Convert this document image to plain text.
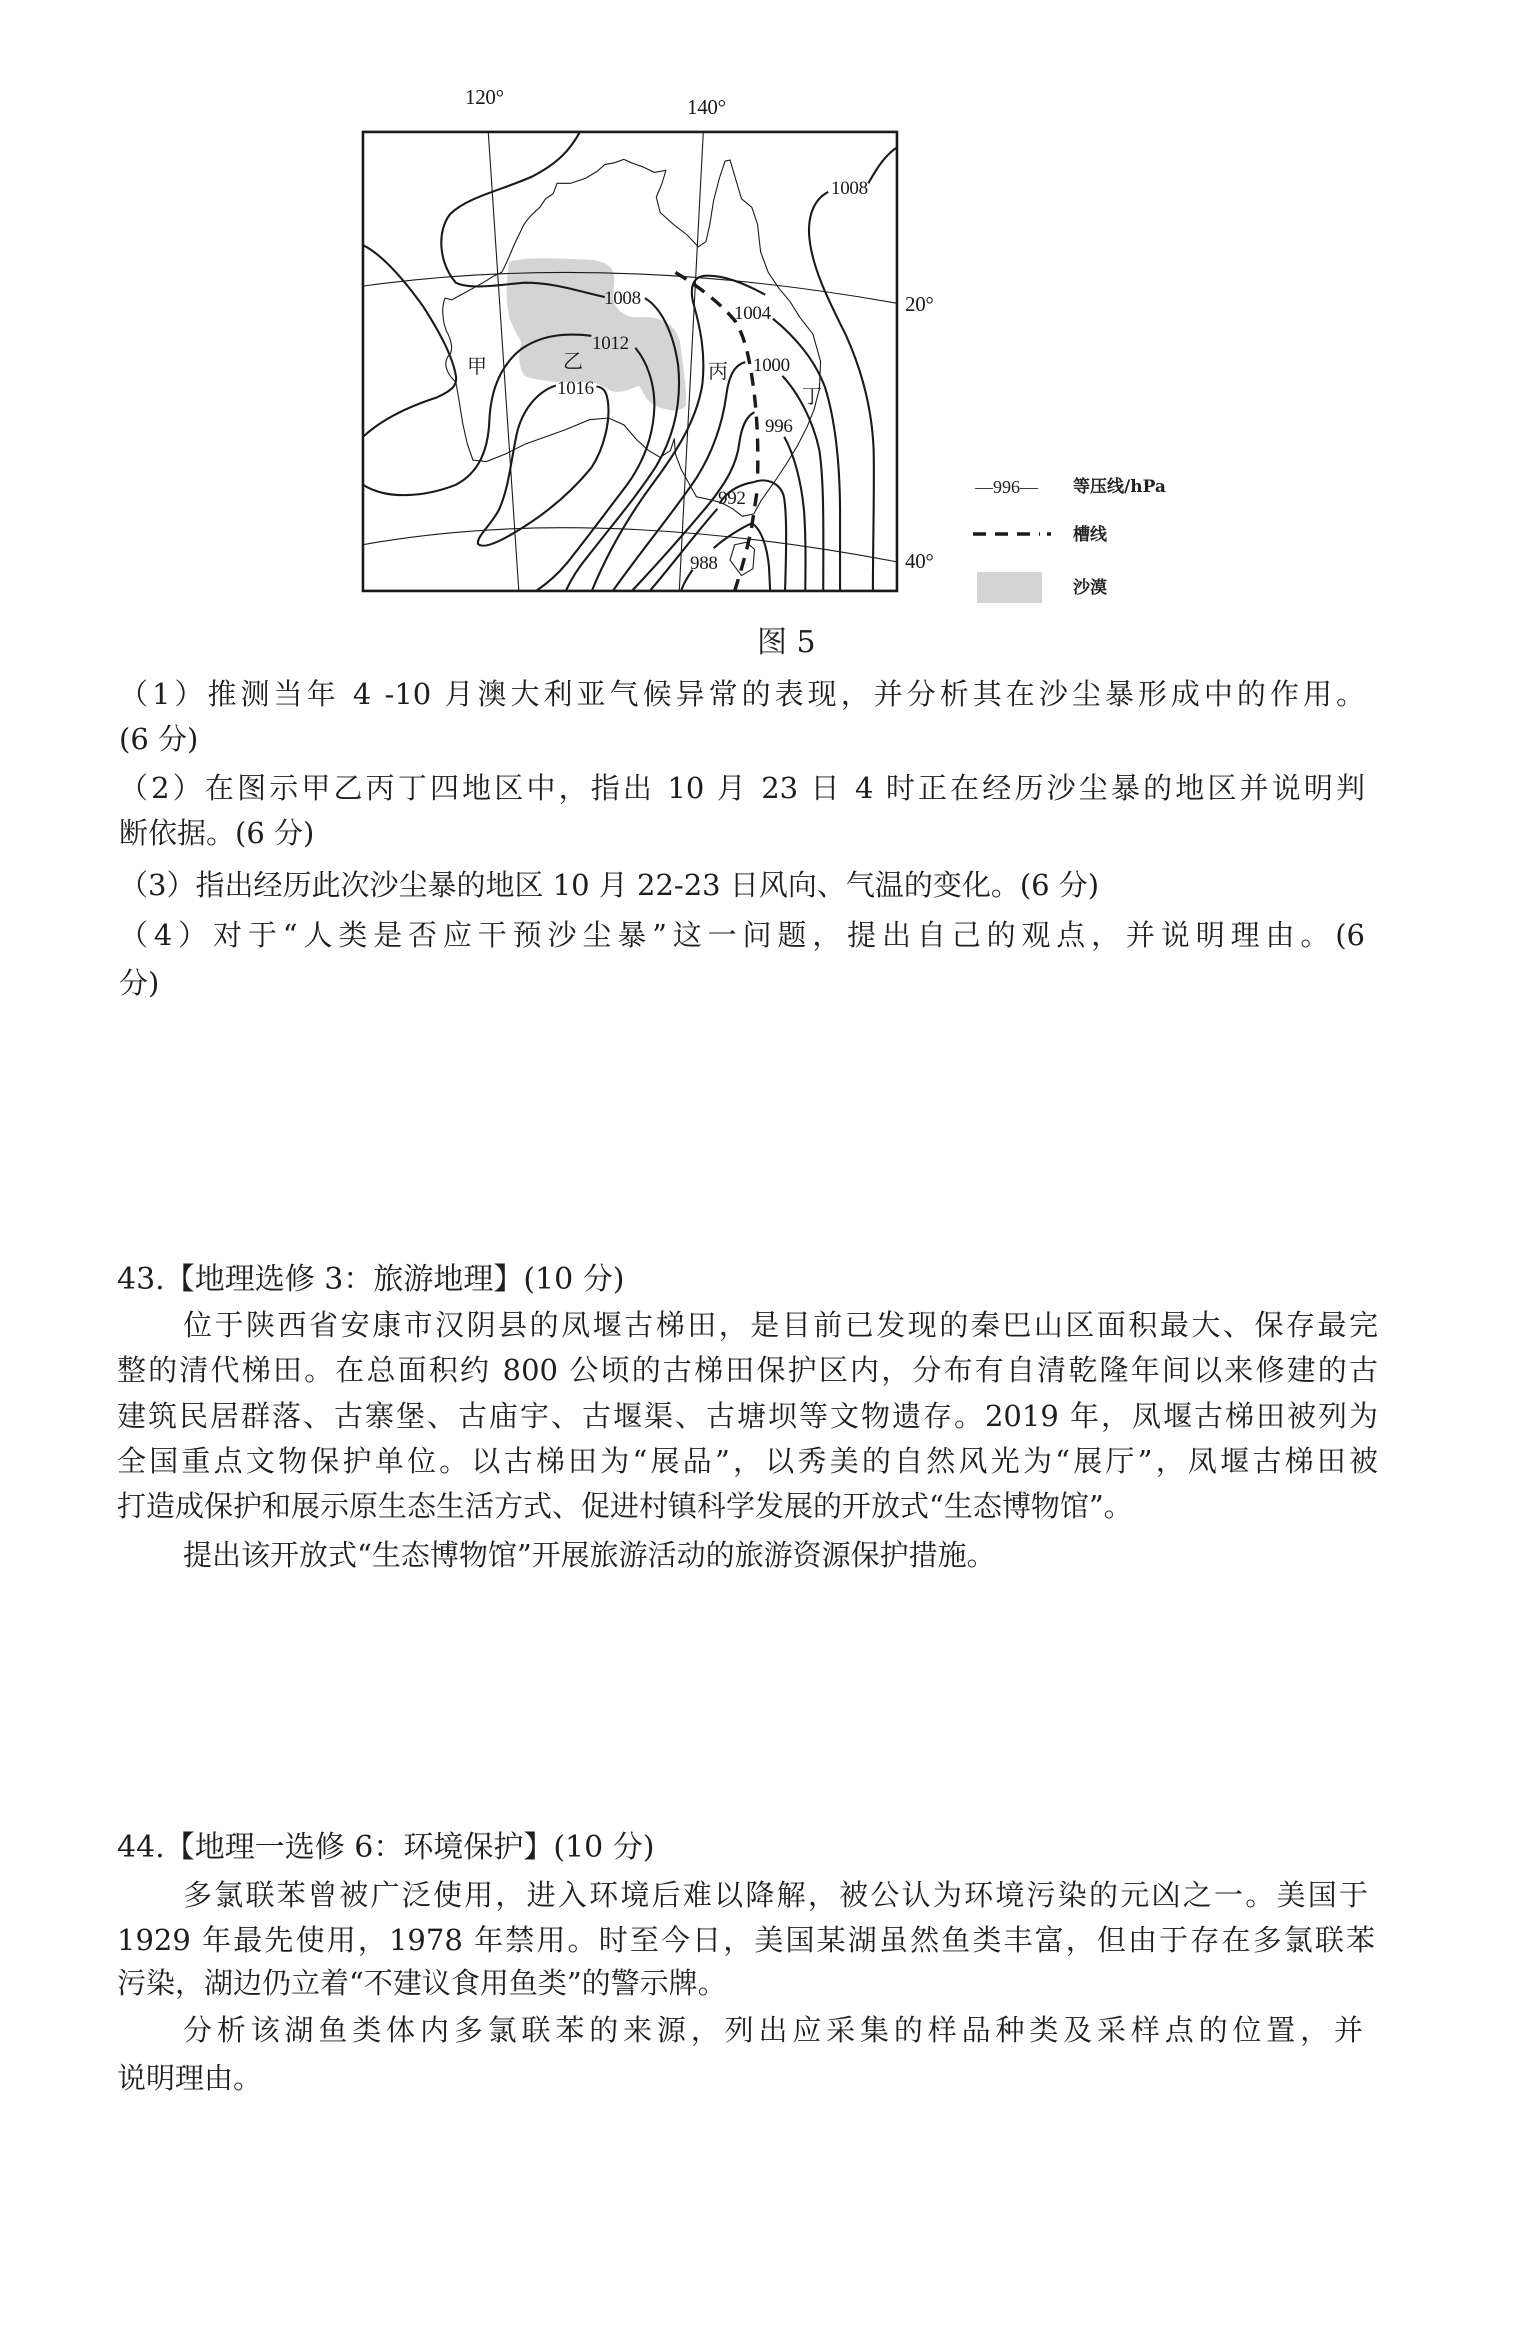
120°	140°
20°
40°
1008
1008
1004
1012
1000
1016
996
992
988
甲	乙	丙
丁
—996— 等压线/hPa
槽线
沙漠
图 5
（1）推测当年 4 -10 月澳大利亚气候异常的表现，并分析其在沙尘暴形成中的作用。
(6 分)
（2）在图示甲乙丙丁四地区中，指出 10 月 23 日 4 时正在经历沙尘暴的地区并说明判
断依据。(6 分)
（3）指出经历此次沙尘暴的地区 10 月 22-23 日风向、气温的变化。(6 分)
（4）对于“人类是否应干预沙尘暴”这一问题，提出自己的观点，并说明理由。(6
分)
43.【地理选修 3：旅游地理】(10 分)
位于陕西省安康市汉阴县的凤堰古梯田，是目前已发现的秦巴山区面积最大、保存最完
整的清代梯田。在总面积约 800 公顷的古梯田保护区内，分布有自清乾隆年间以来修建的古
建筑民居群落、古寨堡、古庙宇、古堰渠、古塘坝等文物遗存。2019 年，凤堰古梯田被列为
全国重点文物保护单位。以古梯田为“展品”，以秀美的自然风光为“展厅”，凤堰古梯田被
打造成保护和展示原生态生活方式、促进村镇科学发展的开放式“生态博物馆”。
提出该开放式“生态博物馆”开展旅游活动的旅游资源保护措施。
44.【地理一选修 6：环境保护】(10 分)
多氯联苯曾被广泛使用，进入环境后难以降解，被公认为环境污染的元凶之一。美国于
1929 年最先使用，1978 年禁用。时至今日，美国某湖虽然鱼类丰富，但由于存在多氯联苯
污染，湖边仍立着“不建议食用鱼类”的警示牌。
分析该湖鱼类体内多氯联苯的来源，列出应采集的样品种类及采样点的位置，并
说明理由。
